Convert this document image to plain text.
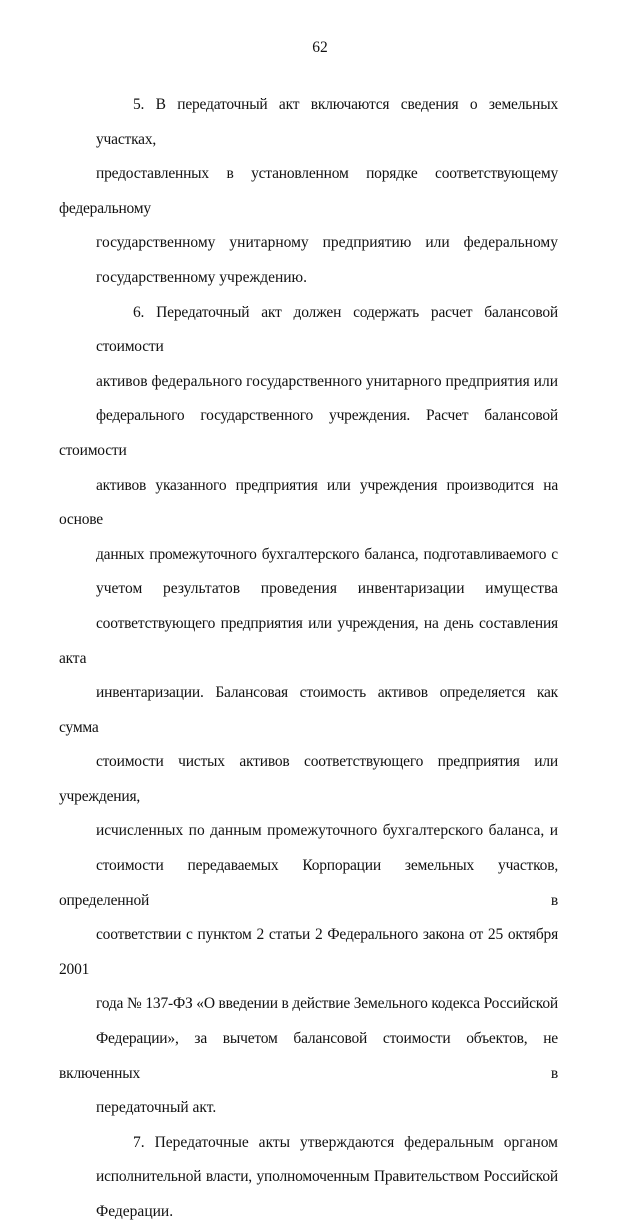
62
5. В передаточный акт включаются сведения о земельных участках,
предоставленных в установленном порядке соответствующему федеральному
государственному унитарному предприятию или федеральному
государственному учреждению.
6. Передаточный акт должен содержать расчет балансовой стоимости
активов федерального государственного унитарного предприятия или
федерального государственного учреждения. Расчет балансовой стоимости
активов указанного предприятия или учреждения производится на основе
данных промежуточного бухгалтерского баланса, подготавливаемого с
учетом результатов проведения инвентаризации имущества
соответствующего предприятия или учреждения, на день составления акта
инвентаризации. Балансовая стоимость активов определяется как сумма
стоимости чистых активов соответствующего предприятия или учреждения,
исчисленных по данным промежуточного бухгалтерского баланса, и
стоимости передаваемых Корпорации земельных участков, определенной в
соответствии с пунктом 2 статьи 2 Федерального закона от 25 октября 2001
года № 137-ФЗ «О введении в действие Земельного кодекса Российской
Федерации», за вычетом балансовой стоимости объектов, не включенных в
передаточный акт.
7. Передаточные акты утверждаются федеральным органом
исполнительной власти, уполномоченным Правительством Российской
Федерации.
